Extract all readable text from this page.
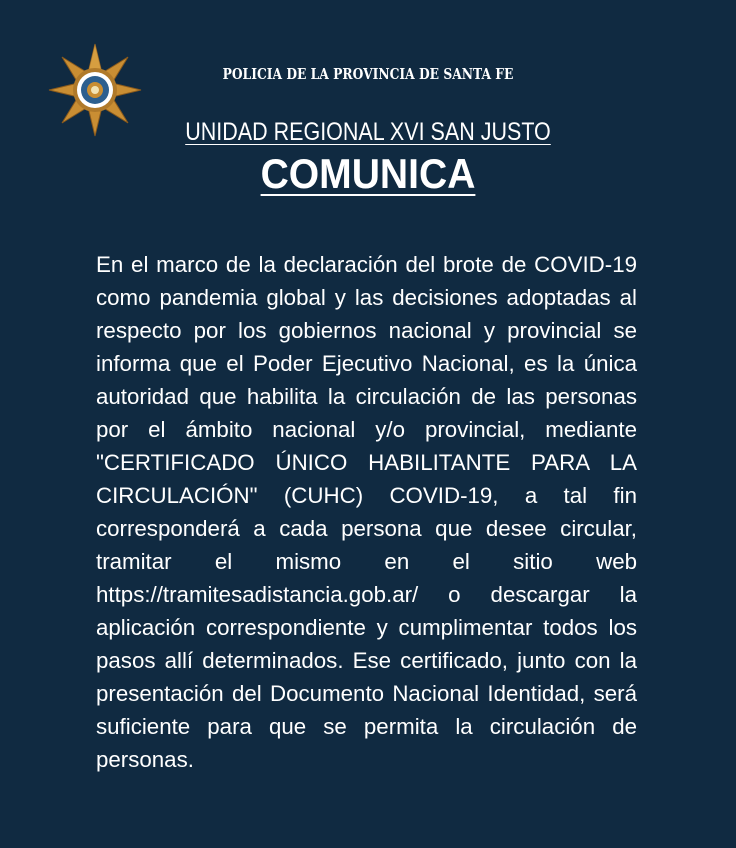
POLICIA DE LA PROVINCIA DE SANTA FE
UNIDAD REGIONAL XVI SAN JUSTO
COMUNICA
En el marco de la declaración del brote de COVID-19 como pandemia global y las decisiones adoptadas al respecto por los gobiernos nacional y provincial se informa que el Poder Ejecutivo Nacional, es la única autoridad que habilita la circulación de las personas por el ámbito nacional y/o provincial, mediante "CERTIFICADO ÚNICO HABILITANTE PARA LA CIRCULACIÓN" (CUHC) COVID-19, a tal fin corresponderá a cada persona que desee circular, tramitar el mismo en el sitio web https://tramitesadistancia.gob.ar/ o descargar la aplicación correspondiente y cumplimentar todos los pasos allí determinados. Ese certificado, junto con la presentación del Documento Nacional Identidad, será suficiente para que se permita la circulación de personas.
